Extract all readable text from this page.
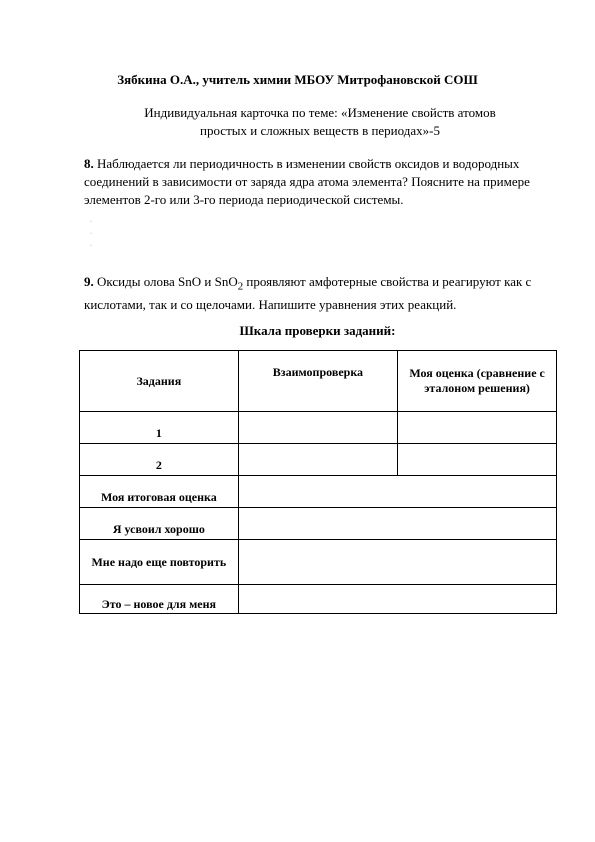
Зябкина О.А., учитель химии МБОУ Митрофановской СОШ
Индивидуальная карточка по теме: «Изменение свойств атомов
простых и сложных веществ в периодах»-5
8. Наблюдается ли периодичность в изменении свойств оксидов и водородных соединений в зависимости от заряда ядра атома элемента? Поясните на примере элементов 2-го или 3-го периода периодической системы.
·
·
·
9. Оксиды олова SnO и SnO$_2$ проявляют амфотерные свойства и реагируют как с кислотами, так и со щелочами. Напишите уравнения этих реакций.
Шкала проверки заданий:
Задания	Взаимопроверка	Моя оценка (сравнение с эталоном решения)
1		
2		
Моя итоговая оценка		
Я усвоил хорошо		
Мне надо еще повторить		
Это – новое для меня		
